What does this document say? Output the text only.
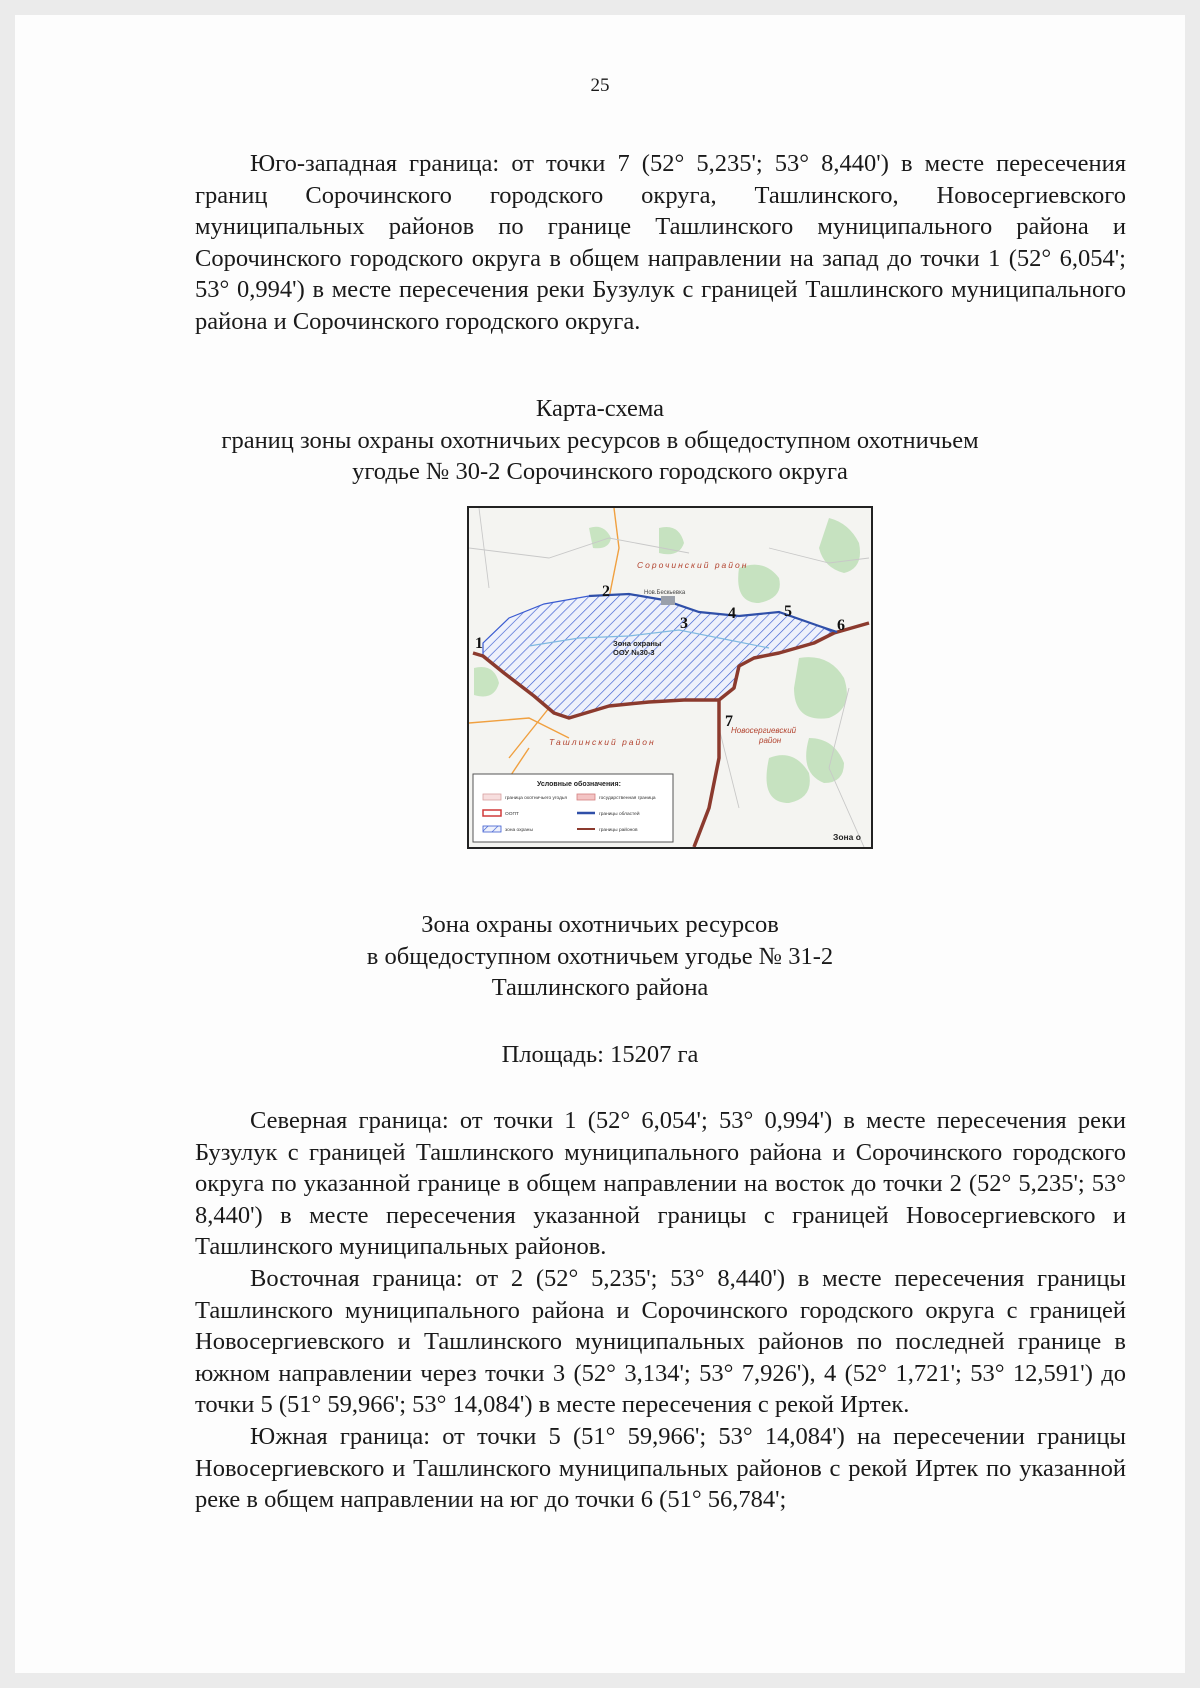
25

Юго-западная граница: от точки 7 (52° 5,235'; 53° 8,440') в месте пересечения границ Сорочинского городского округа, Ташлинского, Новосергиевского муниципальных районов по границе Ташлинского муниципального района и Сорочинского городского округа в общем направлении на запад до точки 1 (52° 6,054'; 53° 0,994') в месте пересечения реки Бузулук с границей Ташлинского муниципального района и Сорочинского городского округа.

Карта-схема
границ зоны охраны охотничьих ресурсов в общедоступном охотничьем
угодье № 30-2 Сорочинского городского округа
Нов.Бескьевка
Сорочинский район
Ташлинский район
Новосергиевский
район
Зона охраны
ООУ №30-3
1
2
3
4	5
6
7
Условные обозначения:
граница охотничьего угодья	государственная граница
ООПТ	границы областей
зона охраны	границы районов
Зона о
Зона охраны охотничьих ресурсов
в общедоступном охотничьем угодье № 31-2
Ташлинского района
Площадь: 15207 га

Северная граница: от точки 1 (52° 6,054'; 53° 0,994') в месте пересечения реки Бузулук с границей Ташлинского муниципального района и Сорочинского городского округа по указанной границе в общем направлении на восток до точки 2 (52° 5,235'; 53° 8,440') в месте пересечения указанной границы с границей Новосергиевского и Ташлинского муниципальных районов.

Восточная граница: от 2 (52° 5,235'; 53° 8,440') в месте пересечения границы Ташлинского муниципального района и Сорочинского городского округа с границей Новосергиевского и Ташлинского муниципальных районов по последней границе в южном направлении через точки 3 (52° 3,134'; 53° 7,926'), 4 (52° 1,721'; 53° 12,591') до точки 5 (51° 59,966'; 53° 14,084') в месте пересечения с рекой Иртек.

Южная граница: от точки 5 (51° 59,966'; 53° 14,084') на пересечении границы Новосергиевского и Ташлинского муниципальных районов с рекой Иртек по указанной реке в общем направлении на юг до точки 6 (51° 56,784';
